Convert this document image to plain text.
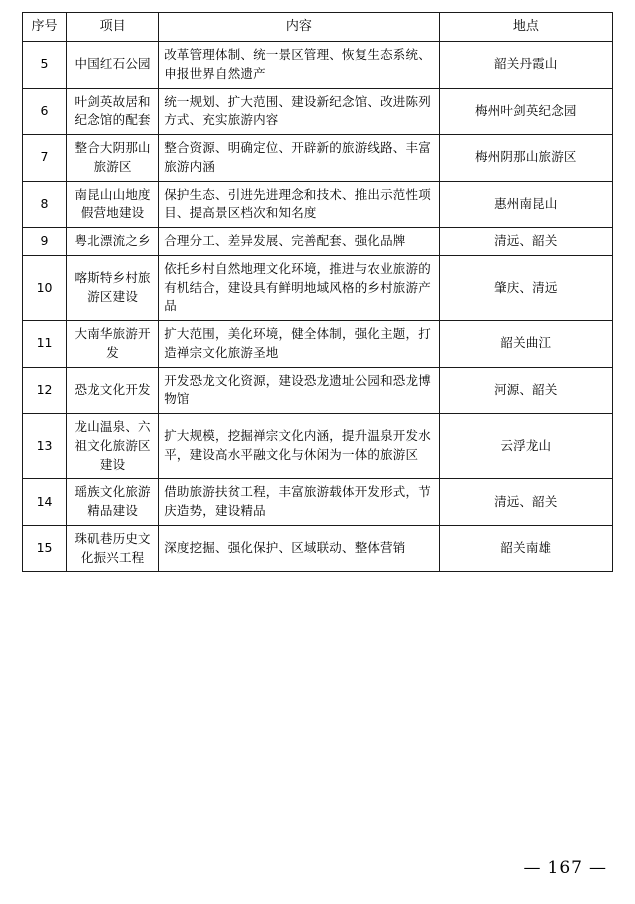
序号	项目	内容	地点
5	中国红石公园	改革管理体制、统一景区管理、恢复生态系统、申报世界自然遗产	韶关丹霞山
6	叶剑英故居和纪念馆的配套	统一规划、扩大范围、建设新纪念馆、改进陈列方式、充实旅游内容	梅州叶剑英纪念园
7	整合大阴那山旅游区	整合资源、明确定位、开辟新的旅游线路、丰富旅游内涵	梅州阴那山旅游区
8	南昆山山地度假营地建设	保护生态、引进先进理念和技术、推出示范性项目、提高景区档次和知名度	惠州南昆山
9	粤北漂流之乡	合理分工、差异发展、完善配套、强化品牌	清远、韶关
10	喀斯特乡村旅游区建设	依托乡村自然地理文化环境，推进与农业旅游的有机结合，建设具有鲜明地域风格的乡村旅游产品	肇庆、清远
11	大南华旅游开发	扩大范围，美化环境，健全体制，强化主题，打造禅宗文化旅游圣地	韶关曲江
12	恐龙文化开发	开发恐龙文化资源，建设恐龙遗址公园和恐龙博物馆	河源、韶关
13	龙山温泉、六祖文化旅游区建设	扩大规模，挖掘禅宗文化内涵，提升温泉开发水平，建设高水平融文化与休闲为一体的旅游区	云浮龙山
14	瑶族文化旅游精品建设	借助旅游扶贫工程，丰富旅游载体开发形式，节庆造势，建设精品	清远、韶关
15	珠矶巷历史文化振兴工程	深度挖掘、强化保护、区域联动、整体营销	韶关南雄
— 167 —
